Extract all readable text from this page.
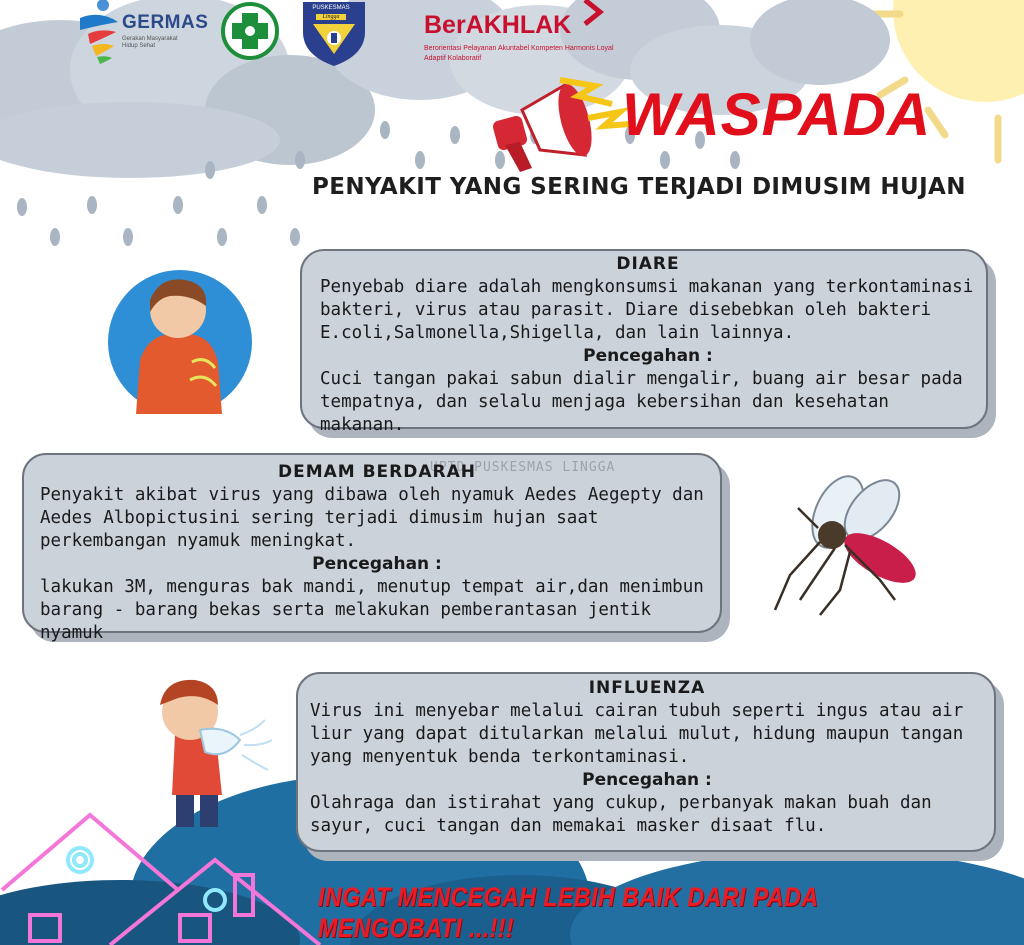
GERMAS
Gerakan Masyarakat Hidup Sehat
PUSKESMAS
Lingga	BerAKHLAK
Berorientasi Pelayanan Akuntabel Kompeten Harmonis Loyal Adaptif Kolaboratif
WASPADA
PENYAKIT YANG SERING TERJADI DIMUSIM HUJAN
DIARE

Penyebab diare adalah mengkonsumsi makanan yang terkontaminasi bakteri, virus atau parasit. Diare disebebkan oleh bakteri E.coli,Salmonella,Shigella, dan lain lainnya.

Pencegahan :

Cuci tangan pakai sabun dialir mengalir, buang air besar pada tempatnya, dan selalu menjaga kebersihan dan kesehatan makanan.

DEMAM BERDARAH

Penyakit akibat virus yang dibawa oleh nyamuk Aedes Aegepty dan Aedes Albopictusini sering terjadi dimusim hujan saat perkembangan nyamuk meningkat.

Pencegahan :

lakukan 3M, menguras bak mandi, menutup tempat air,dan menimbun barang - barang bekas serta melakukan pemberantasan jentik nyamuk

UPTD PUSKESMAS LINGGA
INFLUENZA

Virus ini menyebar melalui cairan tubuh seperti ingus atau air liur yang dapat ditularkan melalui mulut, hidung maupun tangan yang menyentuk benda terkontaminasi.

Pencegahan :

Olahraga dan istirahat yang cukup, perbanyak makan buah dan sayur, cuci tangan dan memakai masker disaat flu.

INGAT MENCEGAH LEBIH BAIK DARI PADA MENGOBATI ...!!!
